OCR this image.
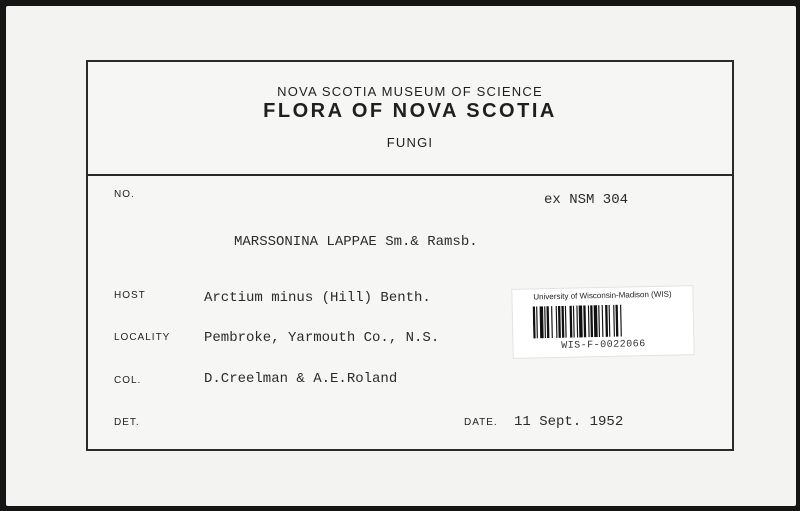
NOVA SCOTIA MUSEUM OF SCIENCE
FLORA OF NOVA SCOTIA
FUNGI
NO.	ex NSM 304
MARSSONINA LAPPAE Sm.& Ramsb.
HOST	Arctium minus (Hill) Benth.
LOCALITY Pembroke, Yarmouth Co., N.S.
COL.	D.Creelman & A.E.Roland
DET.	DATE. 11 Sept. 1952
University of Wisconsin-Madison (WIS)
WIS-F-0022066
